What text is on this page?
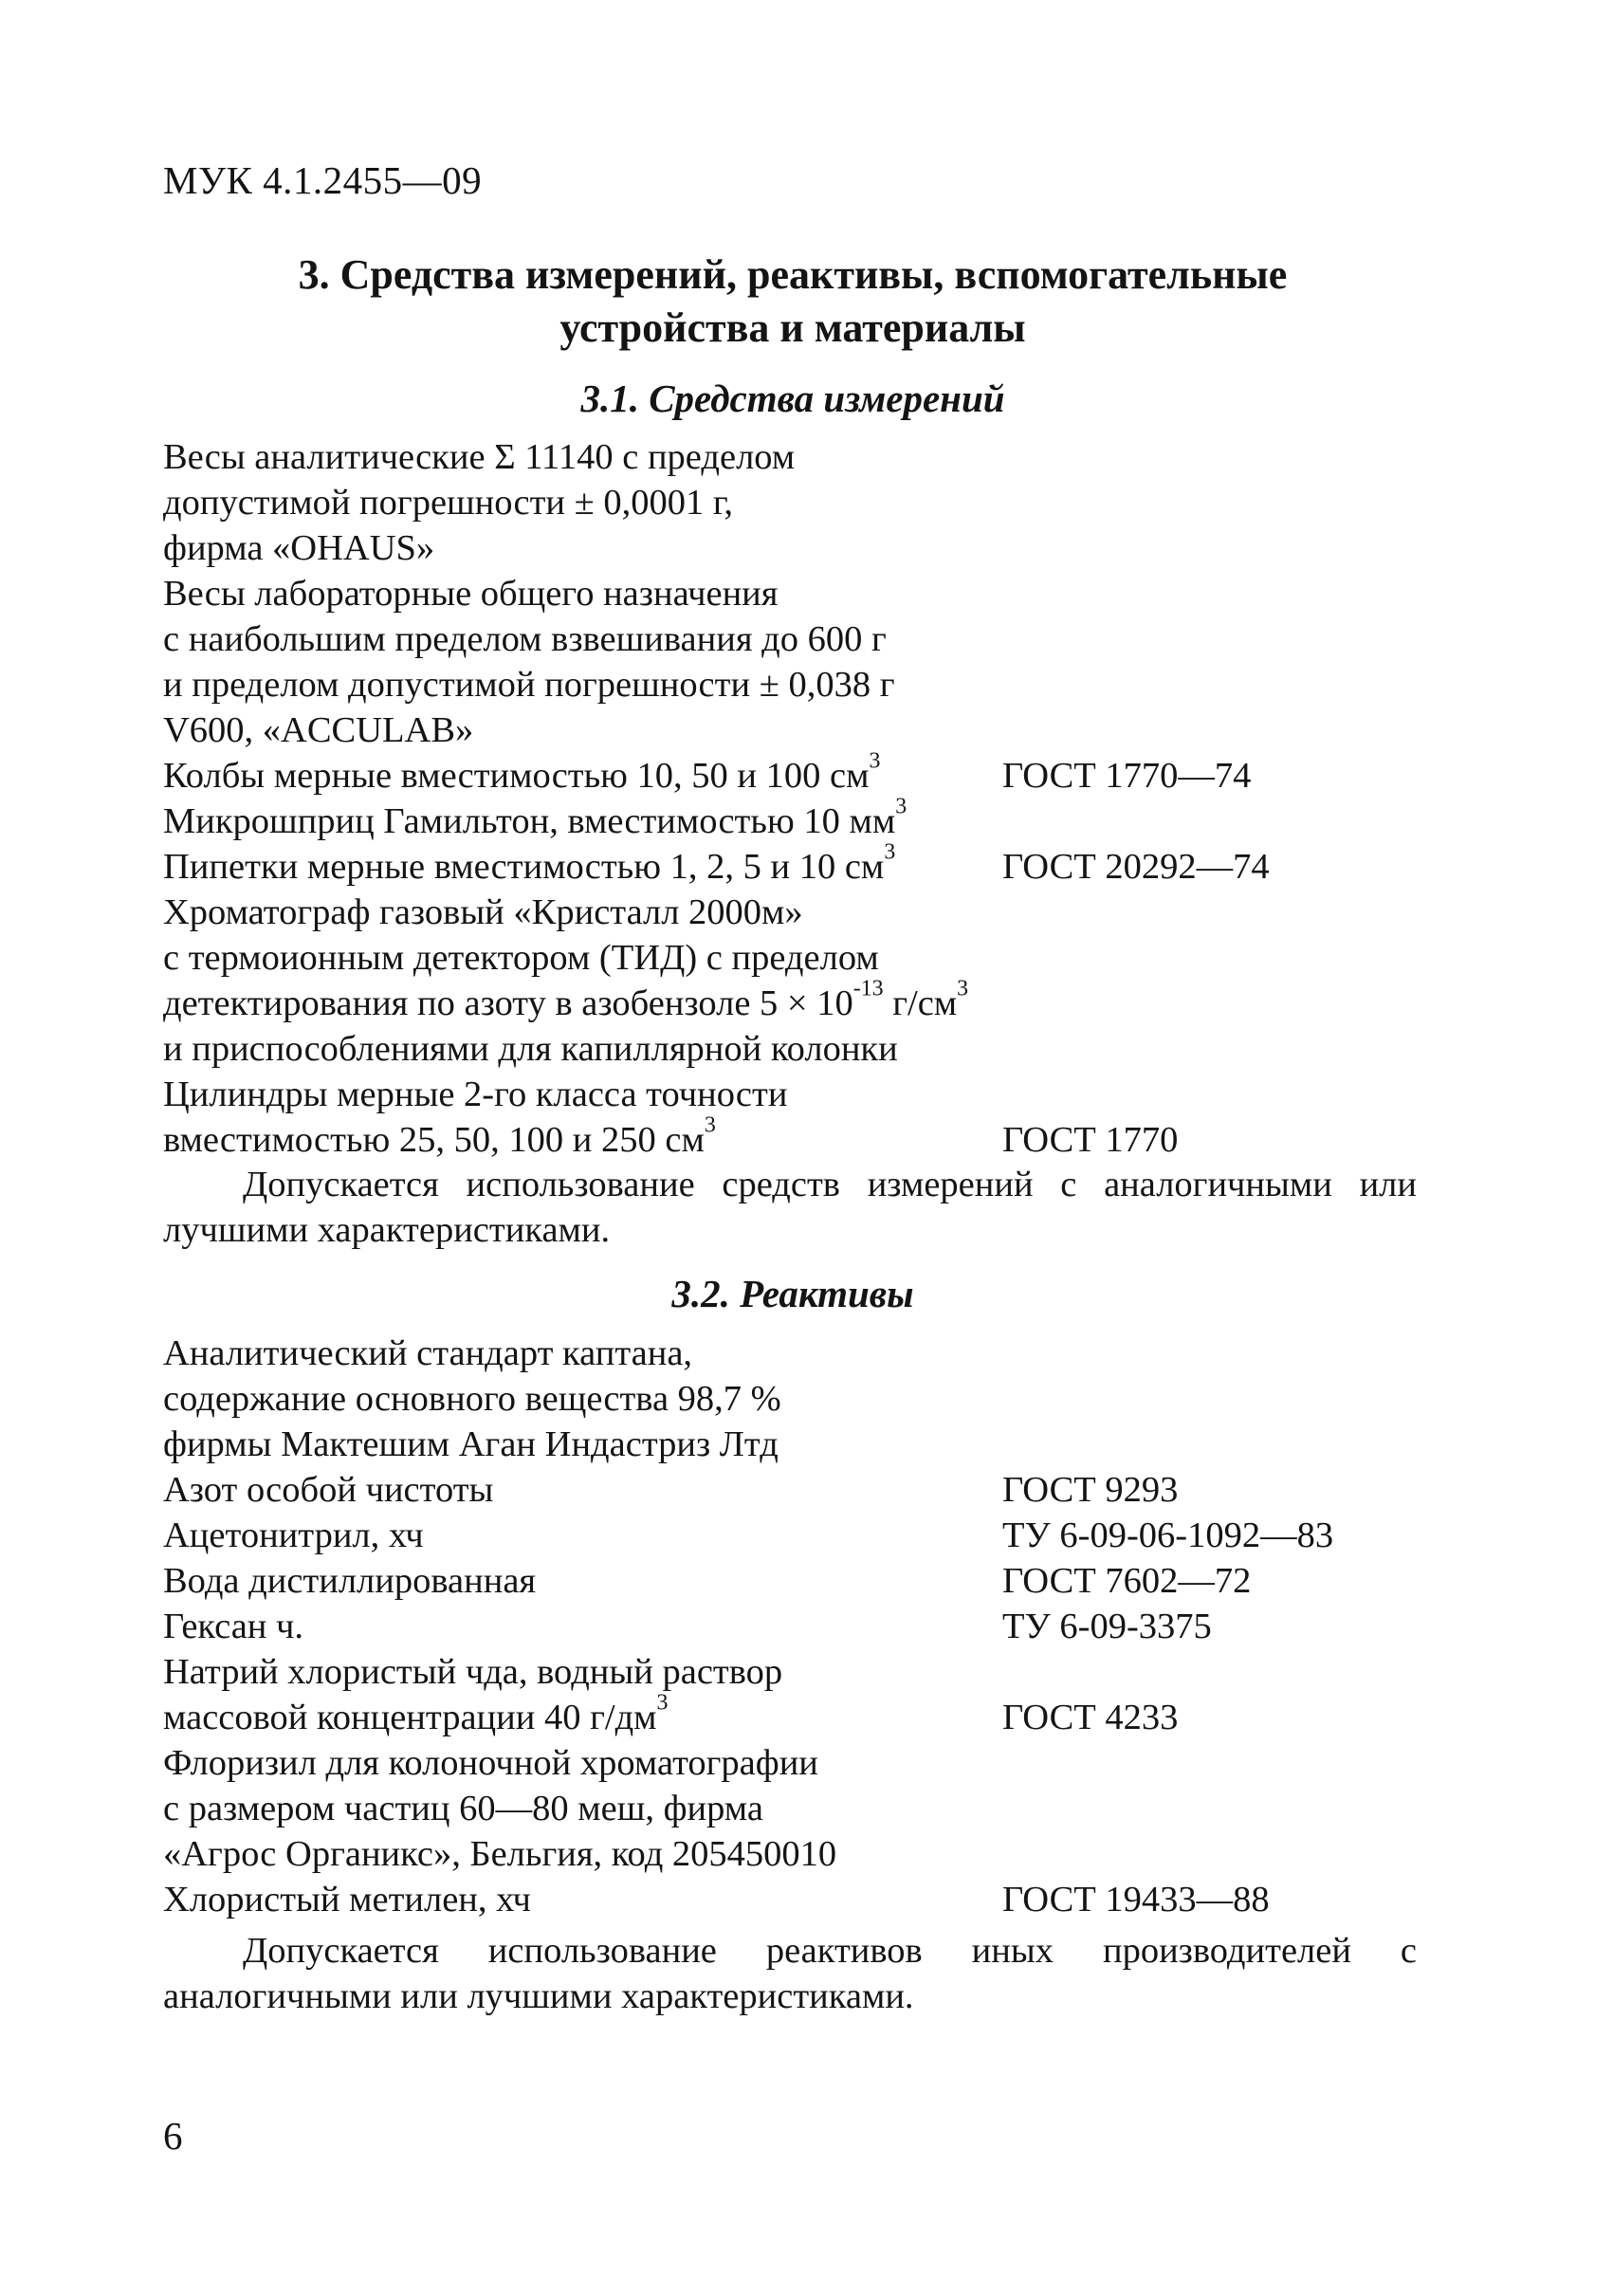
МУК 4.1.2455—09
3. Средства измерений, реактивы, вспомогательные
устройства и материалы
3.1. Средства измерений
Весы аналитические Σ 11140 с пределом
допустимой погрешности ± 0,0001 г,
фирма «OHAUS»
Весы лабораторные общего назначения
с наибольшим пределом взвешивания до 600 г
и пределом допустимой погрешности ± 0,038 г
V600, «ACCULAB»
Колбы мерные вместимостью 10, 50 и 100 $см^3$	ГОСТ 1770—74
Микрошприц Гамильтон, вместимостью 10 $мм^3$
Пипетки мерные вместимостью 1, 2, 5 и 10 $см^3$	ГОСТ 20292—74
Хроматограф газовый «Кристалл 2000м»
с термоионным детектором (ТИД) с пределом
детектирования по азоту в азобензоле $5 \times 10^{-13}$ $г/см^3$
и приспособлениями для капиллярной колонки
Цилиндры мерные 2-го класса точности
вместимостью 25, 50, 100 и 250 $см^3$	ГОСТ 1770
Допускается использование средств измерений с аналогичными или лучшими характеристиками.
3.2. Реактивы
Аналитический стандарт каптана,
содержание основного вещества 98,7 %
фирмы Мактешим Аган Индастриз Лтд
Азот особой чистоты	ГОСТ 9293
Ацетонитрил, хч	ТУ 6-09-06-1092—83
Вода дистиллированная	ГОСТ 7602—72
Гексан ч.	ТУ 6-09-3375
Натрий хлористый чда, водный раствор
массовой концентрации 40 $г/дм^3$	ГОСТ 4233
Флоризил для колоночной хроматографии
с размером частиц 60—80 меш, фирма
«Агрос Органикс», Бельгия, код 205450010
Хлористый метилен, хч	ГОСТ 19433—88
Допускается использование реактивов иных производителей с аналогичными или лучшими характеристиками.
6
